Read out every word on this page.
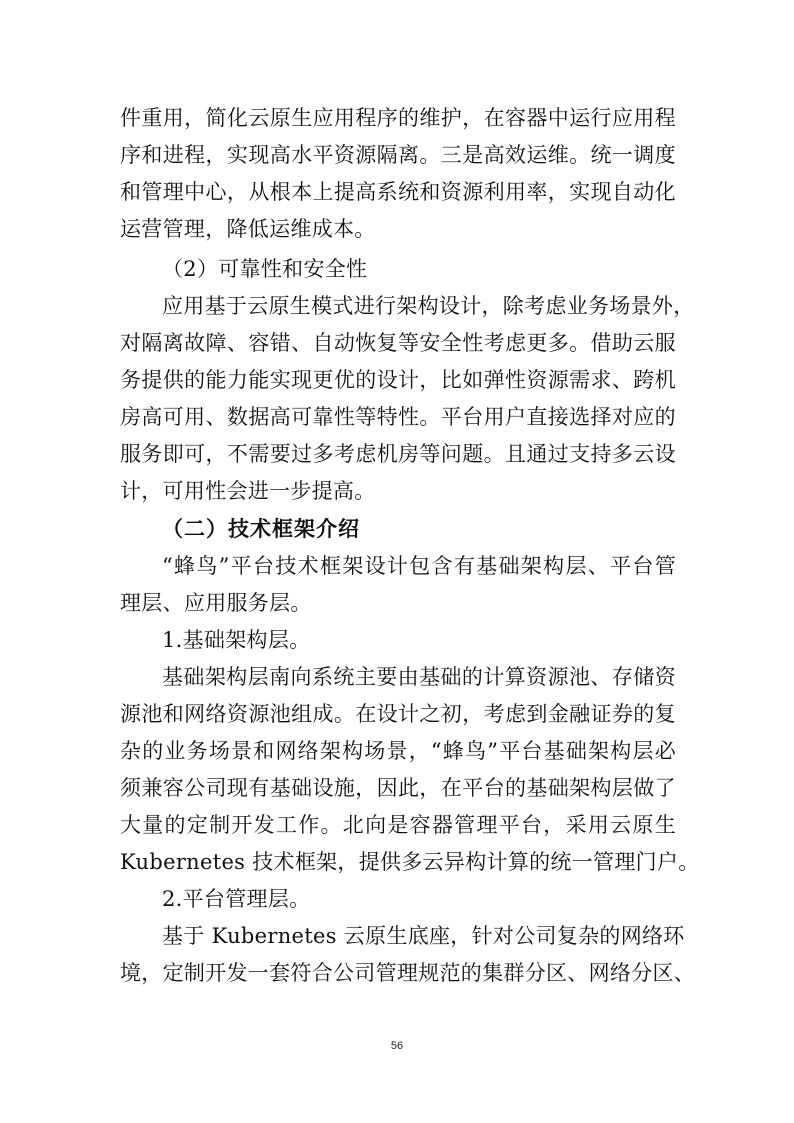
件重用，简化云原生应用程序的维护，在容器中运行应用程
序和进程，实现高水平资源隔离。三是高效运维。统一调度
和管理中心，从根本上提高系统和资源利用率，实现自动化
运营管理，降低运维成本。
（2）可靠性和安全性
应用基于云原生模式进行架构设计，除考虑业务场景外，
对隔离故障、容错、自动恢复等安全性考虑更多。借助云服
务提供的能力能实现更优的设计，比如弹性资源需求、跨机
房高可用、数据高可靠性等特性。平台用户直接选择对应的
服务即可，不需要过多考虑机房等问题。且通过支持多云设
计，可用性会进一步提高。
（二）技术框架介绍
“蜂鸟”平台技术框架设计包含有基础架构层、平台管
理层、应用服务层。
1.基础架构层。
基础架构层南向系统主要由基础的计算资源池、存储资
源池和网络资源池组成。在设计之初，考虑到金融证券的复
杂的业务场景和网络架构场景，“蜂鸟”平台基础架构层必
须兼容公司现有基础设施，因此，在平台的基础架构层做了
大量的定制开发工作。北向是容器管理平台，采用云原生
Kubernetes 技术框架，提供多云异构计算的统一管理门户。
2.平台管理层。
基于 Kubernetes 云原生底座，针对公司复杂的网络环
境，定制开发一套符合公司管理规范的集群分区、网络分区、
56
